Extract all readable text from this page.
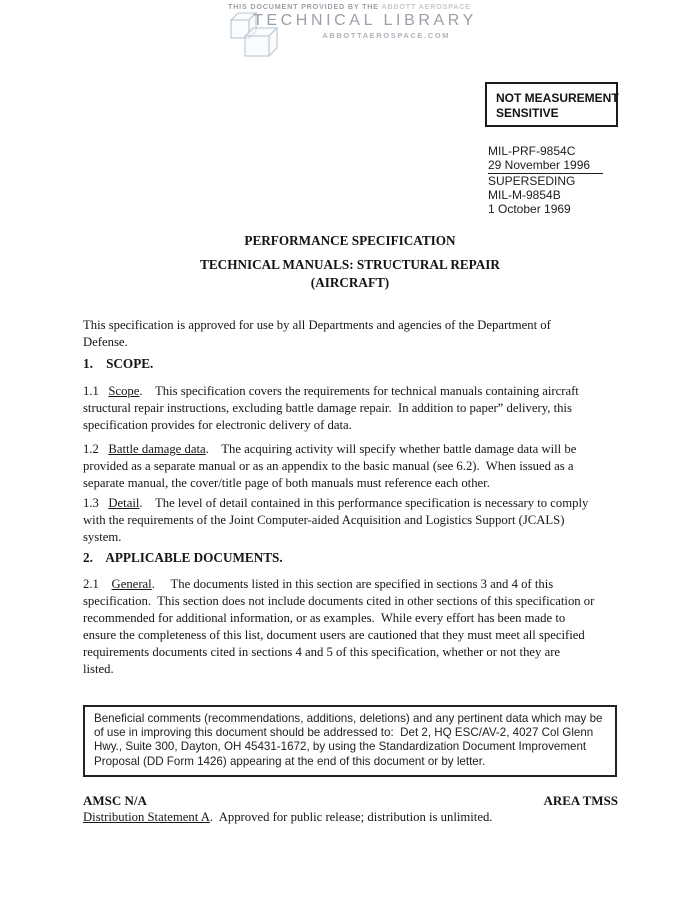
THIS DOCUMENT PROVIDED BY THE ABBOTT AEROSPACE
TECHNICAL LIBRARY
ABBOTTAEROSPACE.COM
NOT MEASUREMENT
SENSITIVE
MIL-PRF-9854C
29 November 1996
SUPERSEDING
MIL-M-9854B
1 October 1969
PERFORMANCE SPECIFICATION
TECHNICAL MANUALS: STRUCTURAL REPAIR
(AIRCRAFT)
This specification is approved for use by all Departments and agencies of the Department of
Defense.
1.    SCOPE.
1.1   Scope.    This specification covers the requirements for technical manuals containing aircraft
structural repair instructions, excluding battle damage repair.  In addition to paper” delivery, this
specification provides for electronic delivery of data.
1.2   Battle damage data.    The acquiring activity will specify whether battle damage data will be
provided as a separate manual or as an appendix to the basic manual (see 6.2).  When issued as a
separate manual, the cover/title page of both manuals must reference each other.
1.3   Detail.    The level of detail contained in this performance specification is necessary to comply
with the requirements of the Joint Computer-aided Acquisition and Logistics Support (JCALS)
system.
2.    APPLICABLE DOCUMENTS.
2.1    General.     The documents listed in this section are specified in sections 3 and 4 of this
specification.  This section does not include documents cited in other sections of this specification or
recommended for additional information, or as examples.  While every effort has been made to
ensure the completeness of this list, document users are cautioned that they must meet all specified
requirements documents cited in sections 4 and 5 of this specification, whether or not they are
listed.
Beneficial comments (recommendations, additions, deletions) and any pertinent data which may be
of use in improving this document should be addressed to:  Det 2, HQ ESC/AV-2, 4027 Col Glenn
Hwy., Suite 300, Dayton, OH 45431-1672, by using the Standardization Document Improvement
Proposal (DD Form 1426) appearing at the end of this document or by letter.
AMSC N/A	AREA TMSS
Distribution Statement A.  Approved for public release; distribution is unlimited.
